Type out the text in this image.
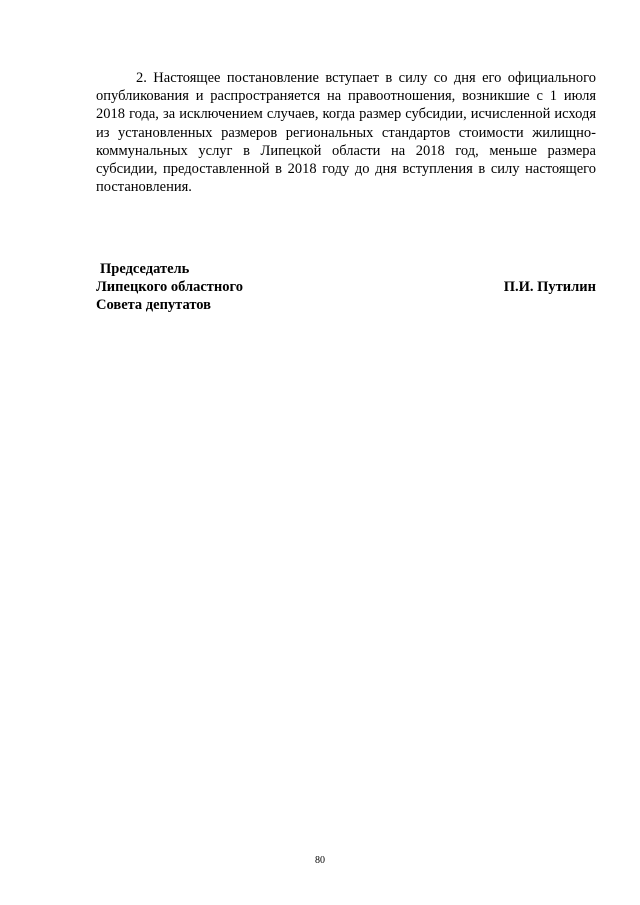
2. Настоящее постановление вступает в силу со дня его официального опубликования и распространяется на правоотношения, возникшие с 1 июля 2018 года, за исключением случаев, когда размер субсидии, исчисленной исходя из установленных размеров региональных стандартов стоимости жилищно-коммунальных услуг в Липецкой области на 2018 год, меньше размера субсидии, предоставленной в 2018 году до дня вступления в силу настоящего постановления.

Председатель
Липецкого областного	П.И. Путилин
Совета депутатов
80
